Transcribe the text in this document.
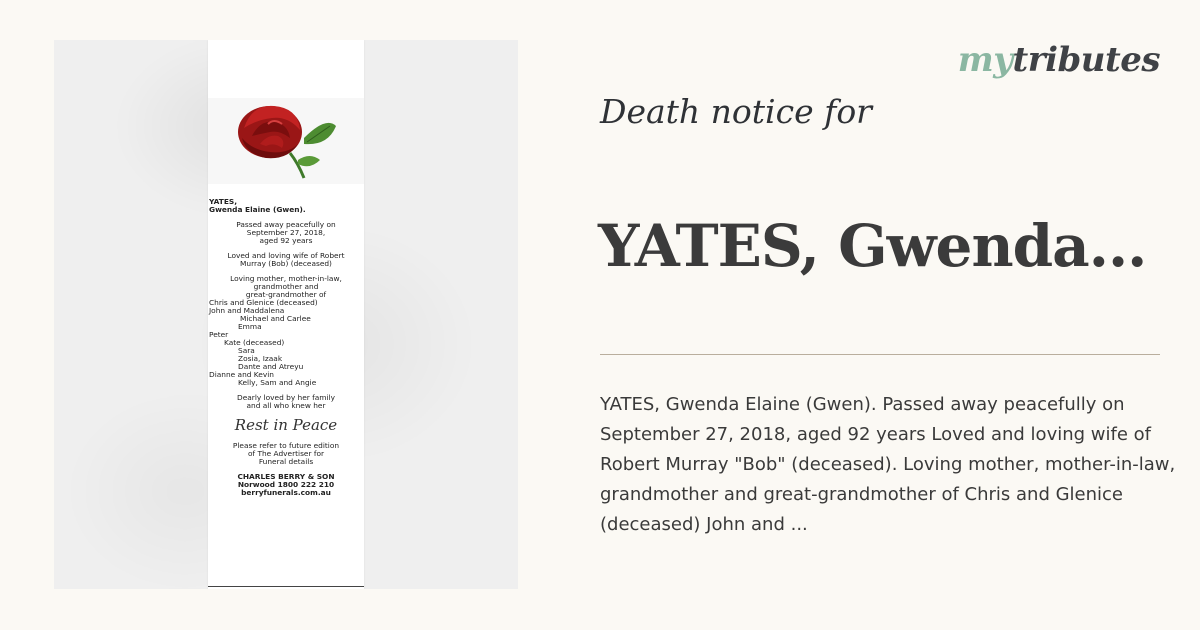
YATES,
Gwenda Elaine (Gwen).
Passed away peacefully on
September 27, 2018,
aged 92 years
Loved and loving wife of Robert
Murray (Bob) (deceased)
Loving mother, mother-in-law,
grandmother and
great-grandmother of
Chris and Glenice (deceased)
John and Maddalena
Michael and Carlee
Emma
Peter
Kate (deceased)
Sara
Zosia, Izaak
Dante and Atreyu
Dianne and Kevin
Kelly, Sam and Angie
Dearly loved by her family
and all who knew her
Rest in Peace
Please refer to future edition
of The Advertiser for
Funeral details
CHARLES BERRY & SON
Norwood 1800 222 210
berryfunerals.com.au
mytributes
Death notice for
YATES, Gwenda...
YATES, Gwenda Elaine (Gwen). Passed away peacefully on September 27, 2018, aged 92 years Loved and loving wife of Robert Murray "Bob" (deceased). Loving mother, mother-in-law, grandmother and great-grandmother of Chris and Glenice (deceased) John and ...
